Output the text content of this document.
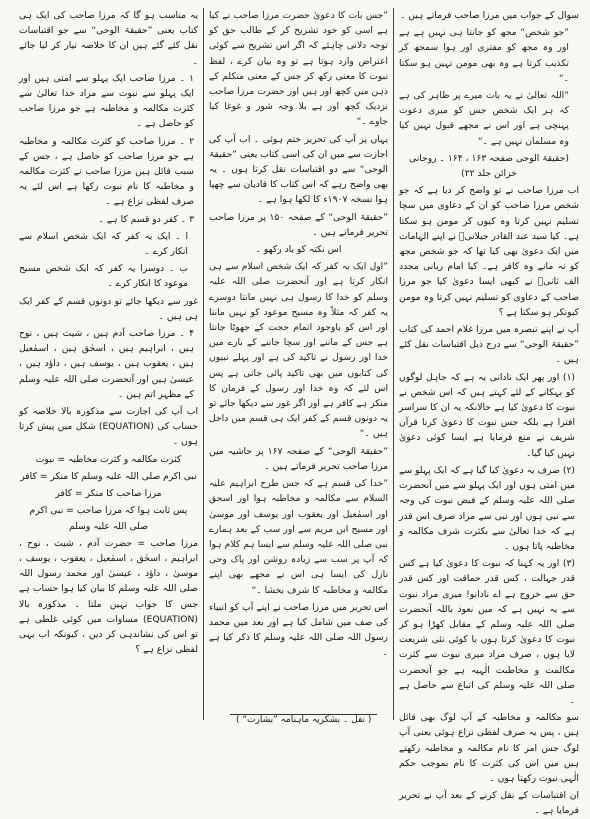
سوال کے جواب میں مرزا صاحب فرماتے ہیں ۔

”جو شخص“ مجھ کو جانتا ہی نہیں ہے ہے اور وہ مجھ کو مفتری اور ہوا سمجھ کر تکذیب کرتا ہے وہ بھی مومن نہیں ہو سکتا ۔“

”اللہ تعالیٰ نے یہ بات میرے پر ظاہر کی ہے کہ ہر ایک شخص جس کو میری دعوت پہنچی ہے اور اس نے مجھے قبول نہیں کیا وہ مسلمان نہیں ہے ۔“

(حقیقۃ الوحی صفحہ ۱۶۳ ، ۱۶۴ ۔ روحانی خزائن جلد ۲۲)

اب مرزا صاحب نے تو واضح کر دیا ہے کہ جو شخص مرزا صاحب کو ان کے دعاوی میں سچا تسلیم نہیں کرتا وہ کیوں کر مومن ہو سکتا ہے۔ کیا سید عبد القادر جیلانیؒ نے اپنے الہامات میں ایک دعویٰ بھی کیا تھا کہ جو شخص مجھ کو نہ مانے وہ کافر ہے۔ کیا امام ربانی مجدد الف ثانیؒ نے کبھی ایسا دعویٰ کیا جو مرزا صاحب کے دعاوی کو تسلیم نہیں کرتا وہ مومن کیونکر ہو سکتا ہے ؟

آپ نے اپنے تبصرہ میں مرزا غلام احمد کی کتاب ”حقیقۃ الوحی“ سے درج ذیل اقتباسات نقل کئے ہیں ۔

(۱) اور پھر ایک نادانی یہ ہے کہ جاہل لوگوں کو بہکانے کے لئے کہتے ہیں کہ اس شخص نے نبوت کا دعویٰ کیا ہے حالانکہ یہ ان کا سراسر افترا ہے بلکہ جس نبوت کا دعویٰ کرنا قرآن شریف نے منع فرمایا ہے ایسا کوئی دعویٰ نہیں کیا گیا۔

(۲) صرف یہ دعویٰ کیا گیا ہے کہ ایک پہلو سے میں امتی ہوں اور ایک پہلو سے میں آنحضرت صلی اللہ علیہ وسلم کے فیض نبوت کی وجہ سے نبی ہوں اور نبی سے مراد صرف اس قدر ہے کہ خدا تعالیٰ سے بکثرت شرف مکالمہ و مخاطبہ پاتا ہوں ۔

(۳) اور یہ کہنا کہ نبوت کا دعویٰ کیا ہے کس قدر جہالت ، کس قدر حماقت اور کس قدر حق سے خروج ہے اے نادانو! میری مراد نبوت سے یہ نہیں ہے کہ میں نعوذ باللہ آنحضرت صلی اللہ علیہ وسلم کے مقابل کھڑا ہو کر نبوت کا دعویٰ کرتا ہوں یا کوئی نئی شریعت لایا ہوں ، صرف مراد میری نبوت سے کثرت مکالمت و مخاطبت الٰہیہ ہے جو آنحضرت صلی اللہ علیہ وسلم کی اتباع سے حاصل ہے ۔

سو مکالمہ و مخاطبہ کے آپ لوگ بھی قائل ہیں ، پس یہ صرف لفظی نزاع ہوئی یعنی آپ لوگ جس امر کا نام مکالمہ و مخاطبہ رکھتے ہیں میں اس کی کثرت کا نام بموجب حکم الٰہی نبوت رکھتا ہوں ۔

ان اقتباسات کے نقل کرنے کے بعد آپ نے تحریر فرمایا ہے ۔

”جس بات کا دعویٰ حضرت مرزا صاحب نے کیا ہے اسی کو خود تشریح کر کے طالب حق کو توجہ دلانی چاہئے کہ اگر اس تشریح سے کوئی اعتراض وارد ہوتا ہے تو وہ بیان کرے ، لفظ نبوت کا معنی رکھ کر جس کے معنی متکلم کے ذہن میں کچھ اور ہیں اور حضرت مرزا صاحب نزدیک کچھ اور ہے بلا وجہ شور و غوغا کیا جاوے ۔“

یہاں پر آپ کی تحریر ختم ہوئی ۔ اب آپ کی اجازت سے میں ان کی اسی کتاب یعنی ”حقیقۃ الوحی“ سے دو اقتباسات نقل کرتا ہوں ۔ یہ بھی واضح رہے کہ اس کتاب کا قادیان سے چھپا ہوا نسخہ ۱۹۰۷ء کا لکھا ہوا ہے ۔

”حقیقۃ الوحی“ کے صفحہ ۱۵۰ پر مرزا صاحب تحریر فرماتے ہیں ۔

اس نکتہ کو یاد رکھو ۔

”اول ایک یہ کفر کہ ایک شخص اسلام سے ہی انکار کرتا ہے اور آنحضرت صلی اللہ علیہ وسلم کو خدا کا رسول ہی نہیں مانتا دوسرے یہ کفر کہ مثلاً وہ مسیح موعود کو نہیں مانتا اور اس کو باوجود اتمام حجت کے جھوٹا جانتا ہے جس کے ماننے اور سچا جاننے کے بارے میں خدا اور رسول نے تاکید کی ہے اور پہلے نبیوں کی کتابوں میں بھی تاکید پائی جاتی ہے پس اس لئے کہ وہ خدا اور رسول کے فرمان کا منکر ہے کافر ہے اور اگر غور سے دیکھا جائے تو یہ دونوں قسم کے کفر ایک ہی قسم میں داخل ہیں ۔“

”حقیقۃ الوحی“ کے صفحہ ۱۶۷ پر حاشیہ میں مرزا صاحب تحریر فرماتے ہیں ۔

”خدا کی قسم ہے کہ جس طرح ابراہیم علیہ السلام سے مکالمہ و مخاطبہ ہوا اور اسحق اور اسمٰعیل اور یعقوب اور یوسف اور موسیٰ اور مسیح ابن مریم سے اور سب کے بعد ہمارے نبی صلی اللہ علیہ وسلم سے ایسا ہم کلام ہوا کہ آپ پر سب سے زیادہ روشن اور پاک وحی نازل کی ایسا ہی اس نے مجھے بھی اپنے مکالمہ و مخاطبہ کا شرف بخشا ۔“

اس تحریر میں مرزا صاحب نے اپنے آپ کو انبیاء کی صف میں شامل کیا ہے اور بعد میں محمد رسول اللہ صلی اللہ علیہ وسلم کا ذکر کیا ہے ۔

یہ مناسب ہو گا کہ مرزا صاحب کی ایک ہی کتاب یعنی ”حقیقۃ الوحی“ سے جو اقتباسات نقل کئے گئے ہیں ان کا خلاصہ تیار کر لیا جائے ۔

۱ ۔ مرزا صاحب ایک پہلو سے امتی ہیں اور ایک پہلو سے نبوت سے مراد خدا تعالیٰ سے کثرت مکالمہ و مخاطبہ ہے جو مرزا صاحب کو حاصل ہے ۔

۲ ۔ مرزا صاحب کو کثرت مکالمہ و مخاطبہ ہے جو مرزا صاحب کو حاصل ہے ، جس کے سبب قائل ہیں مرزا صاحب نے کثرت مکالمہ و مخاطبہ کا نام نبوت رکھا ہے اس لئے یہ صرف لفظی نزاع ہے ۔

۳ ۔ کفر دو قسم کا ہے ۔

ا ۔ ایک یہ کفر کہ ایک شخص اسلام سے انکار کرے ۔

ب ۔ دوسرا یہ کفر کہ ایک شخص مسیح موعود کا انکار کرے ۔

غور سے دیکھا جائے تو دونوں قسم کے کفر ایک ہی ہیں ۔

۴ ۔ مرزا صاحب آدم ہیں ، شیث ہیں ، نوح ہیں ، ابراہیم ہیں ، اسحٰق ہیں ، اسمٰعیل ہیں ، یعقوب ہیں ، یوسف ہیں ، داؤد ہیں ، عیسیٰ ہیں اور آنحضرت صلی اللہ علیہ وسلم کے مظہر اتم ہیں ۔

اب آپ کی اجازت سے مذکورہ بالا خلاصہ کو حساب کی (EQUATION) شکل میں پیش کرتا ہوں ۔

کثرت مکالمہ و کثرت مخاطبہ = نبوت

نبی اکرم صلی اللہ علیہ وسلم کا منکر = کافر

مرزا صاحب کا منکر = کافر

پس ثابت ہوا کہ مرزا صاحب = نبی اکرم صلی اللہ علیہ وسلم

مرزا صاحب = حضرت آدم ، شیث ، نوح ، ابراہیم ، اسحٰق ، اسمٰعیل ، یعقوب ، یوسف ، موسیٰ ، داؤد ، عیسیٰ اور محمد رسول اللہ صلی اللہ علیہ وسلم کا بیان کیا ہوا حساب ہے جس کا جواب نہیں ملتا ۔ مذکورہ بالا (EQUATION) مساوات میں کوئی غلطی ہے تو اس کی نشاندہی کر دیں ، کیونکہ اب یہی لفظی نزاع ہے ؟

( نقل ۔ بشکریہ ماہنامہ ”بشارت“ )
